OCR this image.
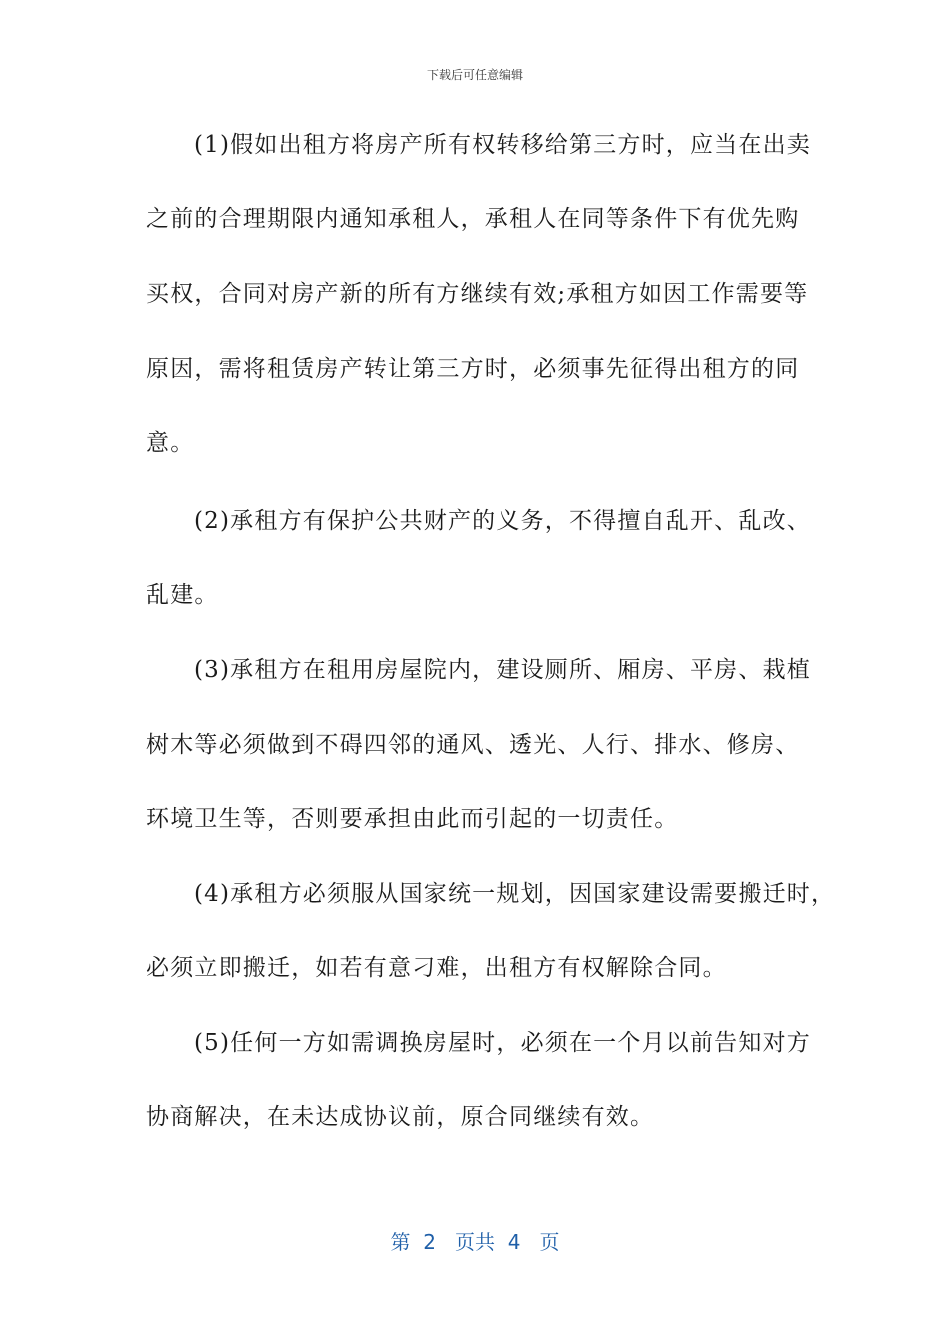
下载后可任意编辑
(1)假如出租方将房产所有权转移给第三方时，应当在出卖
之前的合理期限内通知承租人，承租人在同等条件下有优先购
买权，合同对房产新的所有方继续有效;承租方如因工作需要等
原因，需将租赁房产转让第三方时，必须事先征得出租方的同
意。
(2)承租方有保护公共财产的义务，不得擅自乱开、乱改、
乱建。
(3)承租方在租用房屋院内，建设厕所、厢房、平房、栽植
树木等必须做到不碍四邻的通风、透光、人行、排水、修房、
环境卫生等，否则要承担由此而引起的一切责任。
(4)承租方必须服从国家统一规划，因国家建设需要搬迁时，
必须立即搬迁，如若有意刁难，出租方有权解除合同。
(5)任何一方如需调换房屋时，必须在一个月以前告知对方
协商解决，在未达成协议前，原合同继续有效。
第 2 页共 4 页
